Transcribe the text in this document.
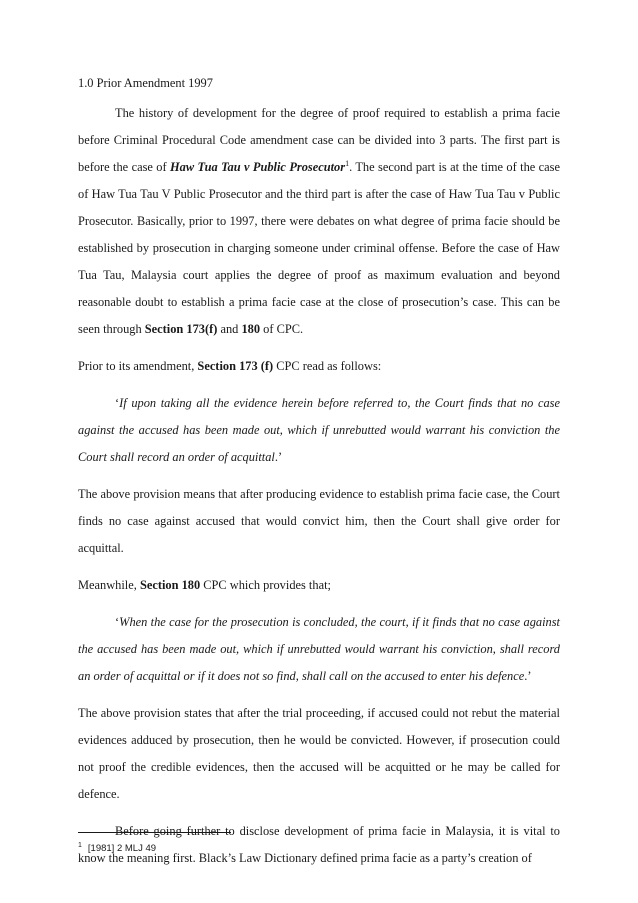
1.0 Prior Amendment 1997

The history of development for the degree of proof required to establish a prima facie before Criminal Procedural Code amendment case can be divided into 3 parts. The first part is before the case of Haw Tua Tau v Public Prosecutor$^1$. The second part is at the time of the case of Haw Tua Tau V Public Prosecutor and the third part is after the case of Haw Tua Tau v Public Prosecutor. Basically, prior to 1997, there were debates on what degree of prima facie should be established by prosecution in charging someone under criminal offense. Before the case of Haw Tua Tau, Malaysia court applies the degree of proof as maximum evaluation and beyond reasonable doubt to establish a prima facie case at the close of prosecution’s case. This can be seen through Section 173(f) and 180 of CPC.

Prior to its amendment, Section 173 (f) CPC read as follows:

‘If upon taking all the evidence herein before referred to, the Court finds that no case against the accused has been made out, which if unrebutted would warrant his conviction the Court shall record an order of acquittal.’

The above provision means that after producing evidence to establish prima facie case, the Court finds no case against accused that would convict him, then the Court shall give order for acquittal.

Meanwhile, Section 180 CPC which provides that;

‘When the case for the prosecution is concluded, the court, if it finds that no case against the accused has been made out, which if unrebutted would warrant his conviction, shall record an order of acquittal or if it does not so find, shall call on the accused to enter his defence.’

The above provision states that after the trial proceeding, if accused could not rebut the material evidences adduced by prosecution, then he would be convicted. However, if prosecution could not proof the credible evidences, then the accused will be acquitted or he may be called for defence.

Before going further to disclose development of prima facie in Malaysia, it is vital to know the meaning first. Black’s Law Dictionary defined prima facie as a party’s creation of

$^1$ [1981] 2 MLJ 49
